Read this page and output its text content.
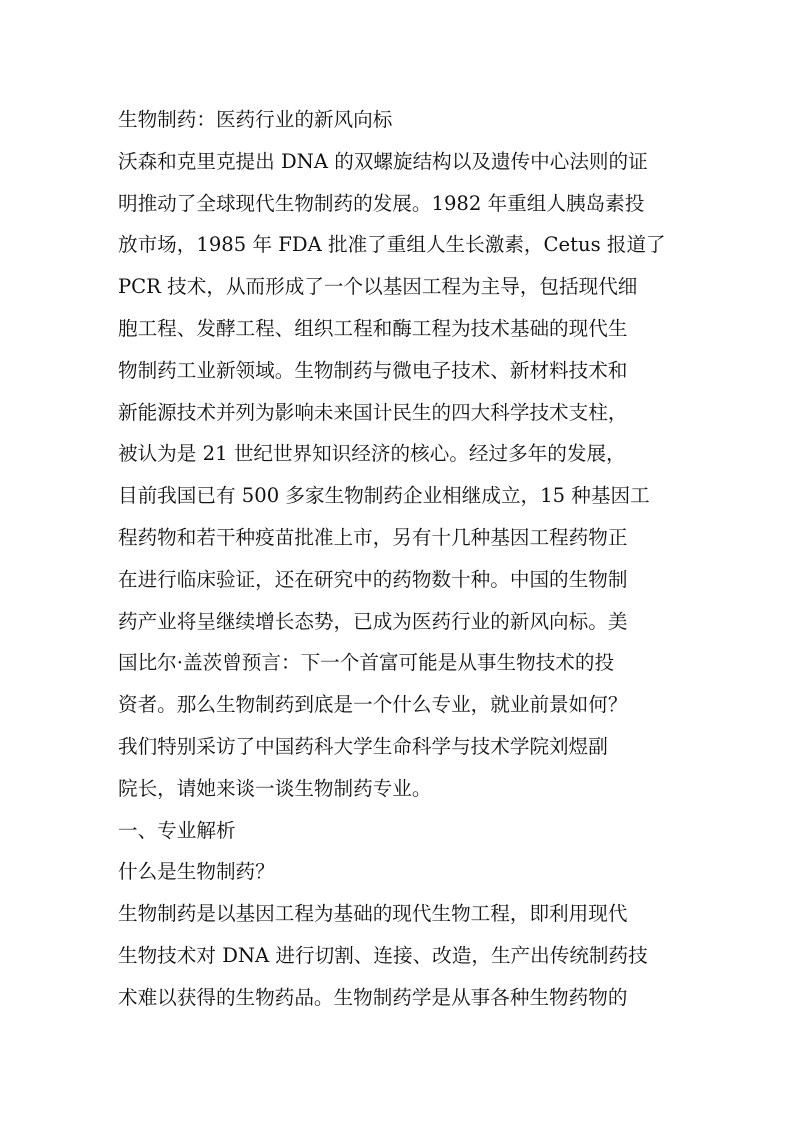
生物制药：医药行业的新风向标
沃森和克里克提出 DNA 的双螺旋结构以及遗传中心法则的证
明推动了全球现代生物制药的发展。1982 年重组人胰岛素投
放市场，1985 年 FDA 批准了重组人生长激素，Cetus 报道了
PCR 技术，从而形成了一个以基因工程为主导，包括现代细
胞工程、发酵工程、组织工程和酶工程为技术基础的现代生
物制药工业新领域。生物制药与微电子技术、新材料技术和
新能源技术并列为影响未来国计民生的四大科学技术支柱，
被认为是 21 世纪世界知识经济的核心。经过多年的发展，
目前我国已有 500 多家生物制药企业相继成立，15 种基因工
程药物和若干种疫苗批准上市，另有十几种基因工程药物正
在进行临床验证，还在研究中的药物数十种。中国的生物制
药产业将呈继续增长态势，已成为医药行业的新风向标。美
国比尔·盖茨曾预言：下一个首富可能是从事生物技术的投
资者。那么生物制药到底是一个什么专业，就业前景如何？
我们特别采访了中国药科大学生命科学与技术学院刘煜副
院长，请她来谈一谈生物制药专业。
一、专业解析
什么是生物制药？
生物制药是以基因工程为基础的现代生物工程，即利用现代
生物技术对 DNA 进行切割、连接、改造，生产出传统制药技
术难以获得的生物药品。生物制药学是从事各种生物药物的
